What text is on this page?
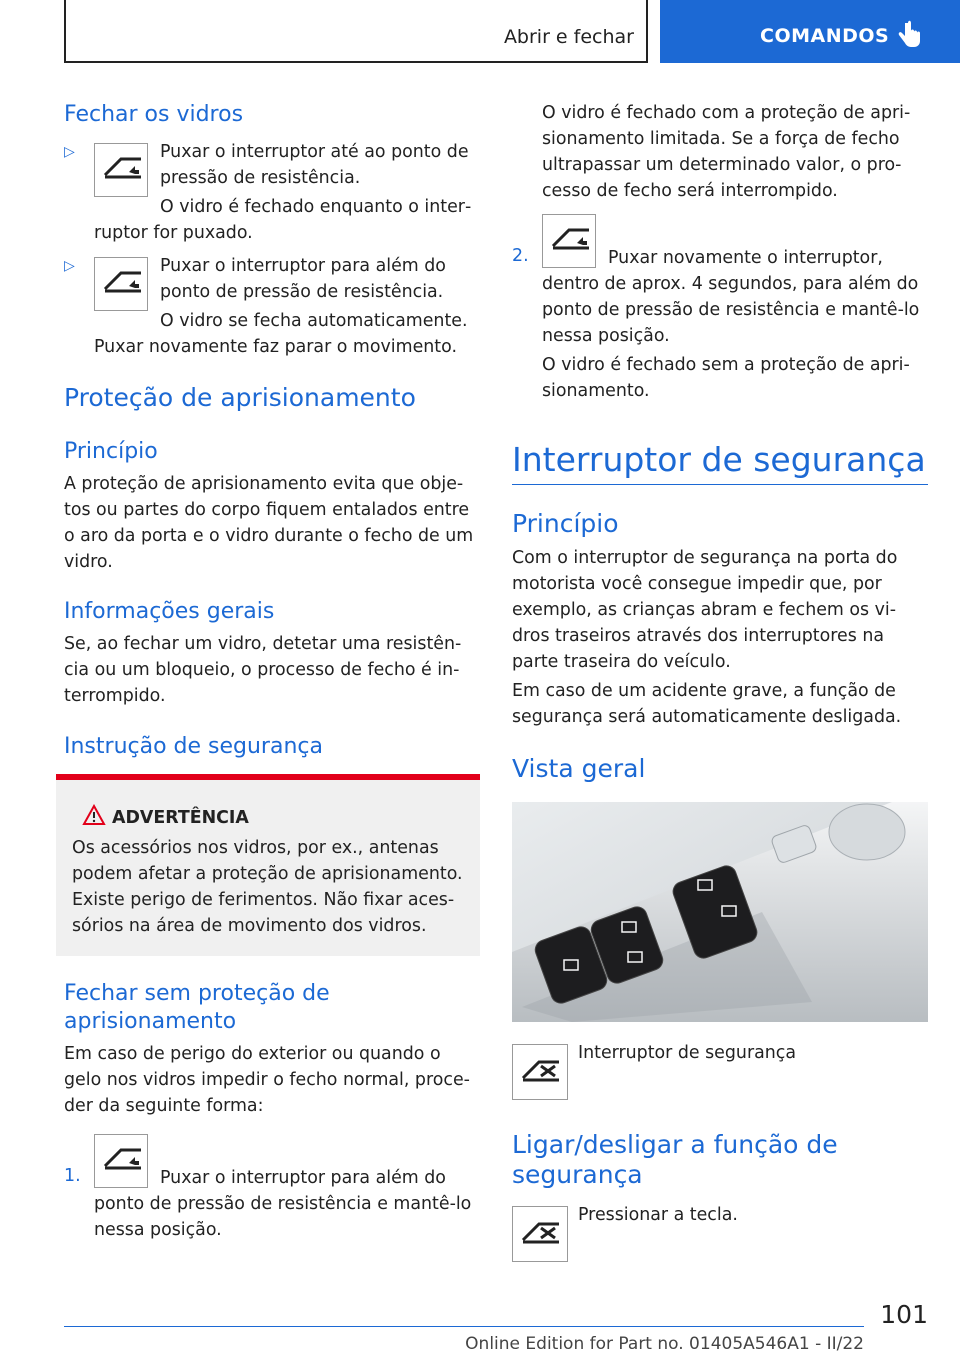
Abrir e fechar	COMANDOS
Fechar os vidros
▷	Puxar o interruptor até ao ponto de
pressão de resistência.
O vidro é fechado enquanto o inter‐
ruptor for puxado.
▷	Puxar o interruptor para além do
ponto de pressão de resistência.
O vidro se fecha automaticamente.
Puxar novamente faz parar o movimento.
Proteção de aprisionamento
Princípio
A proteção de aprisionamento evita que obje‐
tos ou partes do corpo fiquem entalados entre
o aro da porta e o vidro durante o fecho de um
vidro.
Informações gerais
Se, ao fechar um vidro, detetar uma resistên‐
cia ou um bloqueio, o processo de fecho é in‐
terrompido.
Instrução de segurança
ADVERTÊNCIA
Os acessórios nos vidros, por ex., antenas
podem afetar a proteção de aprisionamento.
Existe perigo de ferimentos. Não fixar aces‐
sórios na área de movimento dos vidros.
Fechar sem proteção de
aprisionamento
Em caso de perigo do exterior ou quando o
gelo nos vidros impedir o fecho normal, proce‐
der da seguinte forma:
1.	Puxar o interruptor para além do
ponto de pressão de resistência e mantê-lo
nessa posição.
O vidro é fechado com a proteção de apri‐
sionamento limitada. Se a força de fecho
ultrapassar um determinado valor, o pro‐
cesso de fecho será interrompido.
2.	Puxar novamente o interruptor,
dentro de aprox. 4 segundos, para além do
ponto de pressão de resistência e mantê-lo
nessa posição.
O vidro é fechado sem a proteção de apri‐
sionamento.
Interruptor de segurança
Princípio
Com o interruptor de segurança na porta do
motorista você consegue impedir que, por
exemplo, as crianças abram e fechem os vi‐
dros traseiros através dos interruptores na
parte traseira do veículo.
Em caso de um acidente grave, a função de
segurança será automaticamente desligada.
Vista geral
Interruptor de segurança
Ligar/desligar a função de
segurança
Pressionar a tecla.
101
Online Edition for Part no. 01405A546A1 - II/22
